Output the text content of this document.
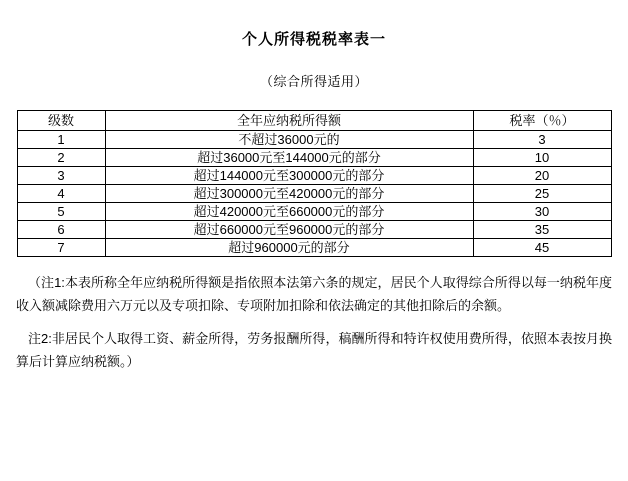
个人所得税税率表一
（综合所得适用）
级数	全年应纳税所得额	税率（％）
1	不超过36000元的	3
2	超过36000元至144000元的部分	10
3	超过144000元至300000元的部分	20
4	超过300000元至420000元的部分	25
5	超过420000元至660000元的部分	30
6	超过660000元至960000元的部分	35
7	超过960000元的部分	45
（注1:本表所称全年应纳税所得额是指依照本法第六条的规定，居民个人取得综合所得以每一纳税年度收入额减除费用六万元以及专项扣除、专项附加扣除和依法确定的其他扣除后的余额。
注2:非居民个人取得工资、薪金所得，劳务报酬所得，稿酬所得和特许权使用费所得，依照本表按月换算后计算应纳税额。）
